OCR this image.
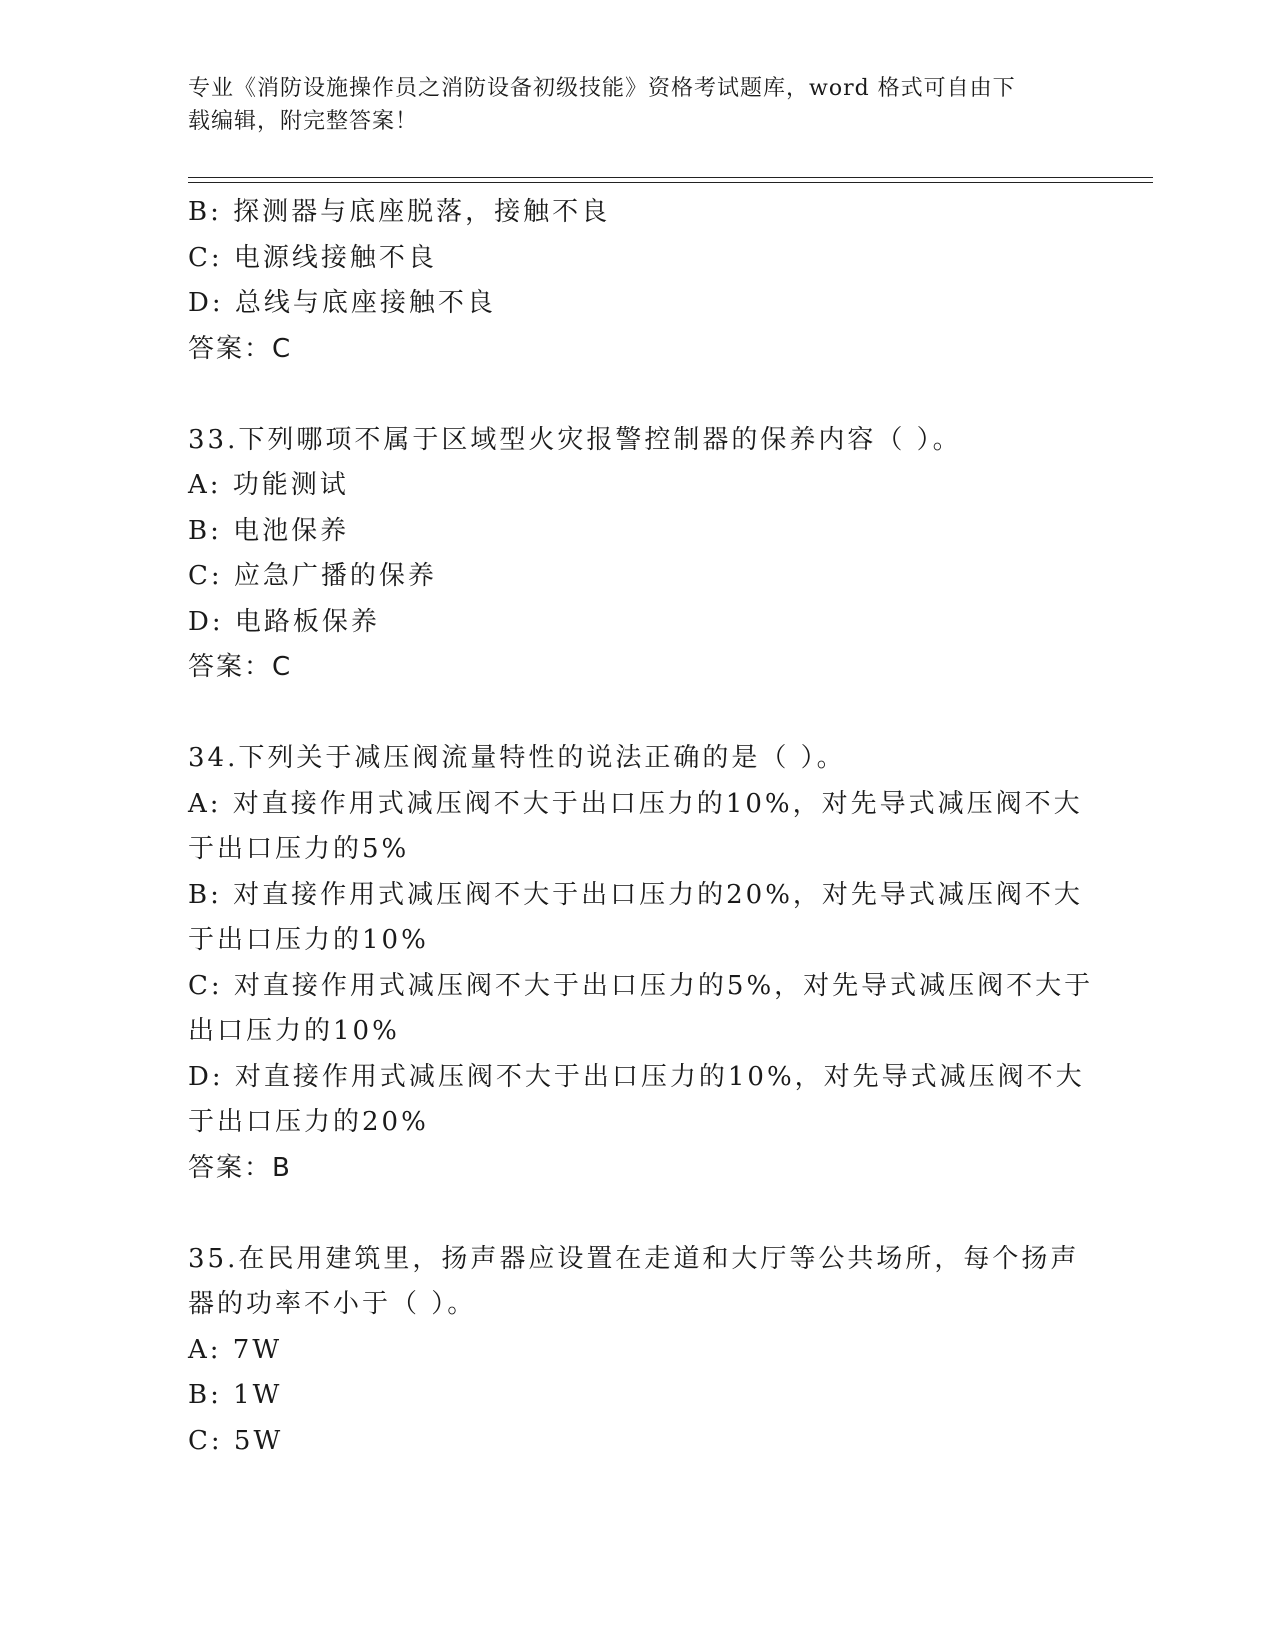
专业《消防设施操作员之消防设备初级技能》资格考试题库，word 格式可自由下
载编辑，附完整答案！
B: 探测器与底座脱落，接触不良
C: 电源线接触不良
D: 总线与底座接触不良
答案：C
33.下列哪项不属于区域型火灾报警控制器的保养内容（ ）。
A: 功能测试
B: 电池保养
C: 应急广播的保养
D: 电路板保养
答案：C
34.下列关于减压阀流量特性的说法正确的是（ ）。
A: 对直接作用式减压阀不大于出口压力的10%，对先导式减压阀不大
于出口压力的5%
B: 对直接作用式减压阀不大于出口压力的20%，对先导式减压阀不大
于出口压力的10%
C: 对直接作用式减压阀不大于出口压力的5%，对先导式减压阀不大于
出口压力的10%
D: 对直接作用式减压阀不大于出口压力的10%，对先导式减压阀不大
于出口压力的20%
答案：B
35.在民用建筑里，扬声器应设置在走道和大厅等公共场所，每个扬声
器的功率不小于（ ）。
A: 7W
B: 1W
C: 5W
